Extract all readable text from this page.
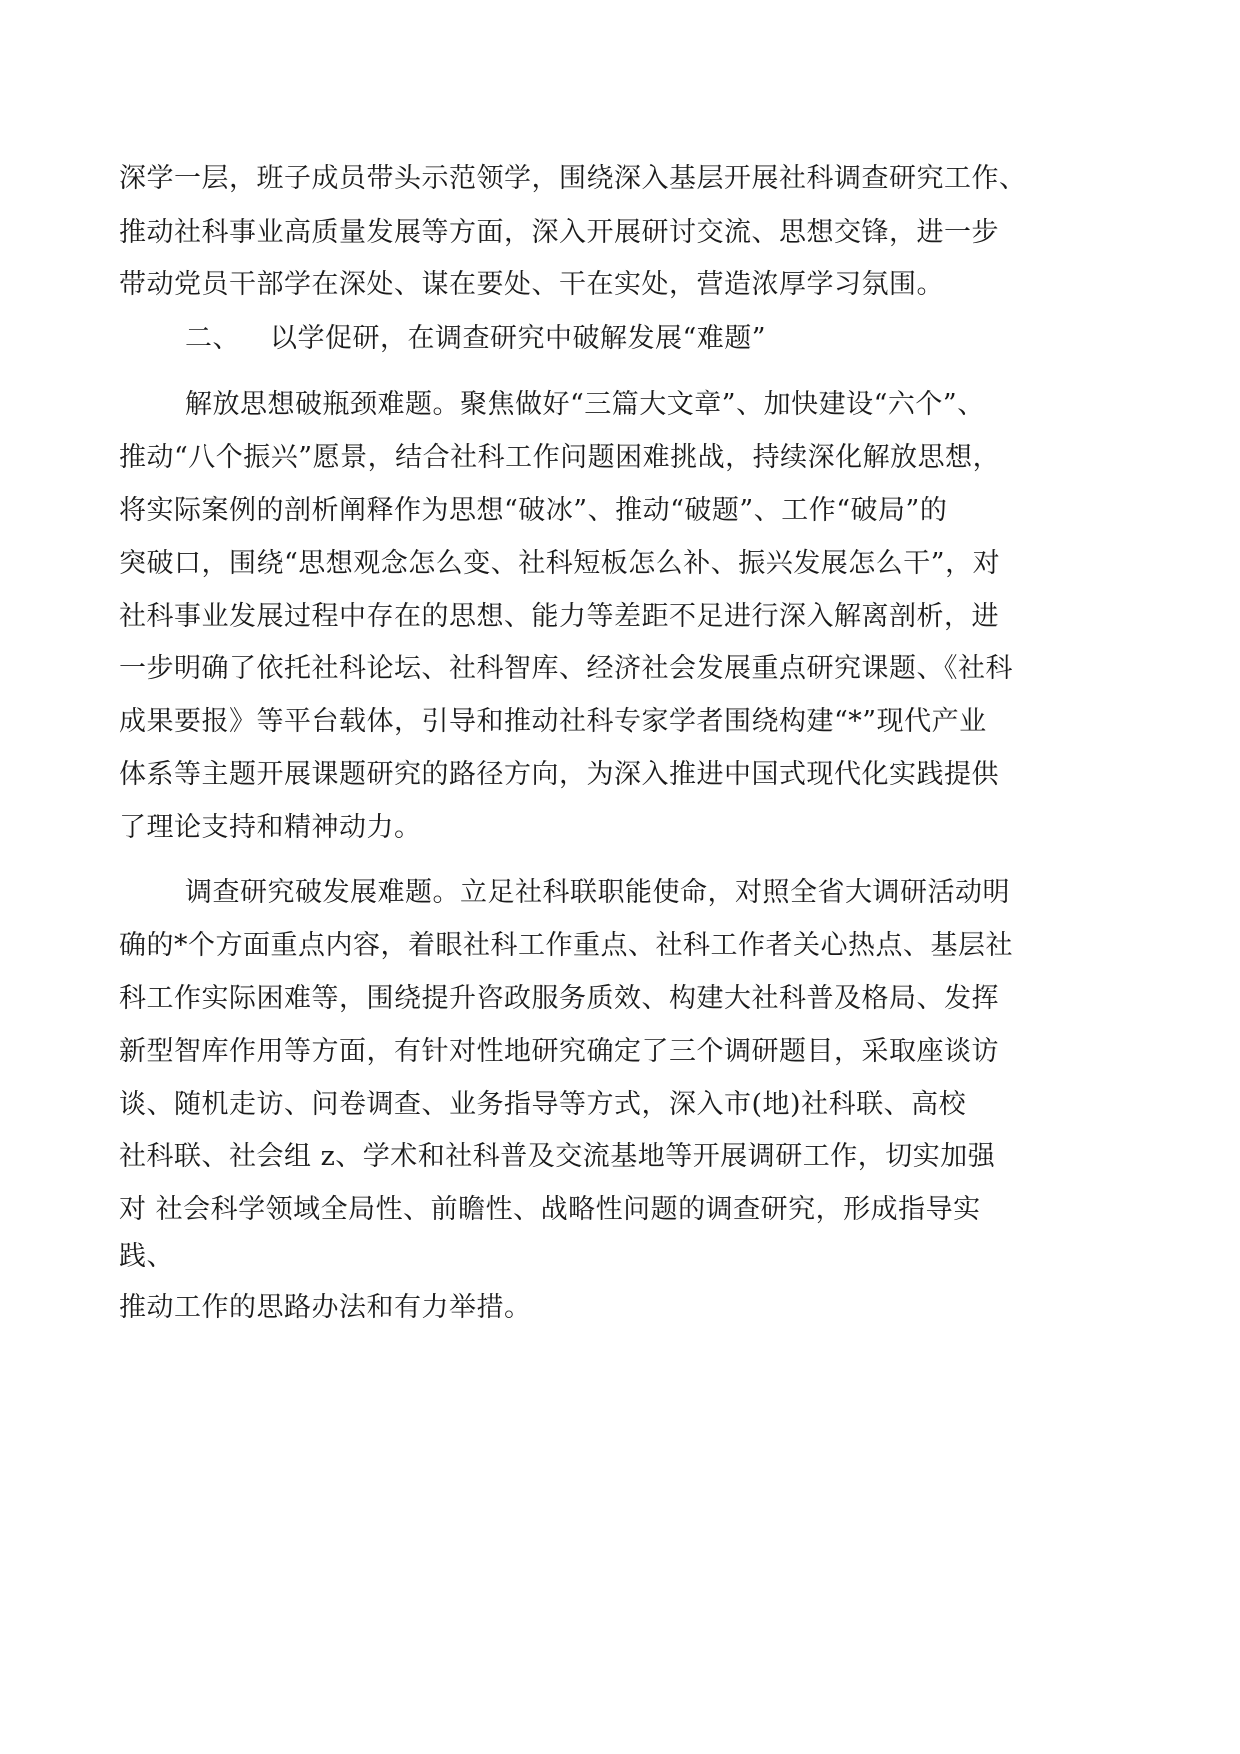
深学一层，班子成员带头示范领学，围绕深入基层开展社科调查研究工作、
推动社科事业高质量发展等方面，深入开展研讨交流、思想交锋，进一步
带动党员干部学在深处、谋在要处、干在实处，营造浓厚学习氛围。
二、 以学促研，在调查研究中破解发展“难题”
解放思想破瓶颈难题。聚焦做好“三篇大文章”、加快建设“六个”、
推动“八个振兴”愿景，结合社科工作问题困难挑战，持续深化解放思想，
将实际案例的剖析阐释作为思想“破冰”、推动“破题”、工作“破局”的
突破口，围绕“思想观念怎么变、社科短板怎么补、振兴发展怎么干”，对
社科事业发展过程中存在的思想、能力等差距不足进行深入解离剖析，进
一步明确了依托社科论坛、社科智库、经济社会发展重点研究课题、《社科
成果要报》等平台载体，引导和推动社科专家学者围绕构建“*”现代产业
体系等主题开展课题研究的路径方向，为深入推进中国式现代化实践提供
了理论支持和精神动力。
调查研究破发展难题。立足社科联职能使命，对照全省大调研活动明
确的*个方面重点内容，着眼社科工作重点、社科工作者关心热点、基层社
科工作实际困难等，围绕提升咨政服务质效、构建大社科普及格局、发挥
新型智库作用等方面，有针对性地研究确定了三个调研题目，采取座谈访
谈、随机走访、问卷调查、业务指导等方式，深入市(地)社科联、高校
社科联、社会组 z、学术和社科普及交流基地等开展调研工作，切实加强
对 社会科学领域全局性、前瞻性、战略性问题的调查研究，形成指导实
践、
推动工作的思路办法和有力举措。
